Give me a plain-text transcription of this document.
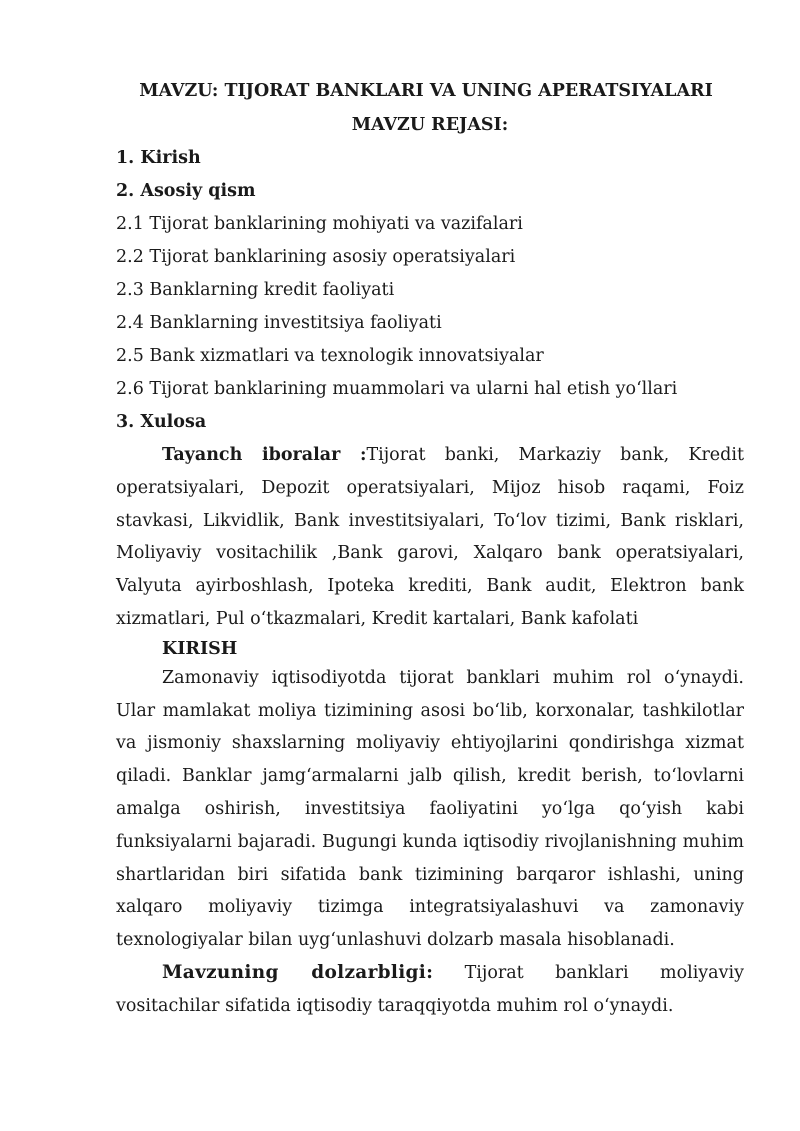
MAVZU: TIJORAT BANKLARI VA UNING APERATSIYALARI

MAVZU REJASI:

1. Kirish
2. Asosiy qism
2.1 Tijorat banklarining mohiyati va vazifalari
2.2 Tijorat banklarining asosiy operatsiyalari
2.3 Banklarning kredit faoliyati
2.4 Banklarning investitsiya faoliyati
2.5 Bank xizmatlari va texnologik innovatsiyalar
2.6 Tijorat banklarining muammolari va ularni hal etish yo‘llari
3. Xulosa

Tayanch iboralar :Tijorat banki, Markaziy bank, Kredit operatsiyalari, Depozit operatsiyalari, Mijoz hisob raqami, Foiz stavkasi, Likvidlik, Bank investitsiyalari, To‘lov tizimi, Bank risklari, Moliyaviy vositachilik ,Bank garovi, Xalqaro bank operatsiyalari, Valyuta ayirboshlash, Ipoteka krediti, Bank audit, Elektron bank xizmatlari, Pul o‘tkazmalari, Kredit kartalari, Bank kafolati

KIRISH

Zamonaviy iqtisodiyotda tijorat banklari muhim rol o‘ynaydi. Ular mamlakat moliya tizimining asosi bo‘lib, korxonalar, tashkilotlar va jismoniy shaxslarning moliyaviy ehtiyojlarini qondirishga xizmat qiladi. Banklar jamg‘armalarni jalb qilish, kredit berish, to‘lovlarni amalga oshirish, investitsiya faoliyatini yo‘lga qo‘yish kabi funksiyalarni bajaradi. Bugungi kunda iqtisodiy rivojlanishning muhim shartlaridan biri sifatida bank tizimining barqaror ishlashi, uning xalqaro moliyaviy tizimga integratsiyalashuvi va zamonaviy texnologiyalar bilan uyg‘unlashuvi dolzarb masala hisoblanadi.

Mavzuning dolzarbligi: Tijorat banklari moliyaviy vositachilar sifatida iqtisodiy taraqqiyotda muhim rol o‘ynaydi.
